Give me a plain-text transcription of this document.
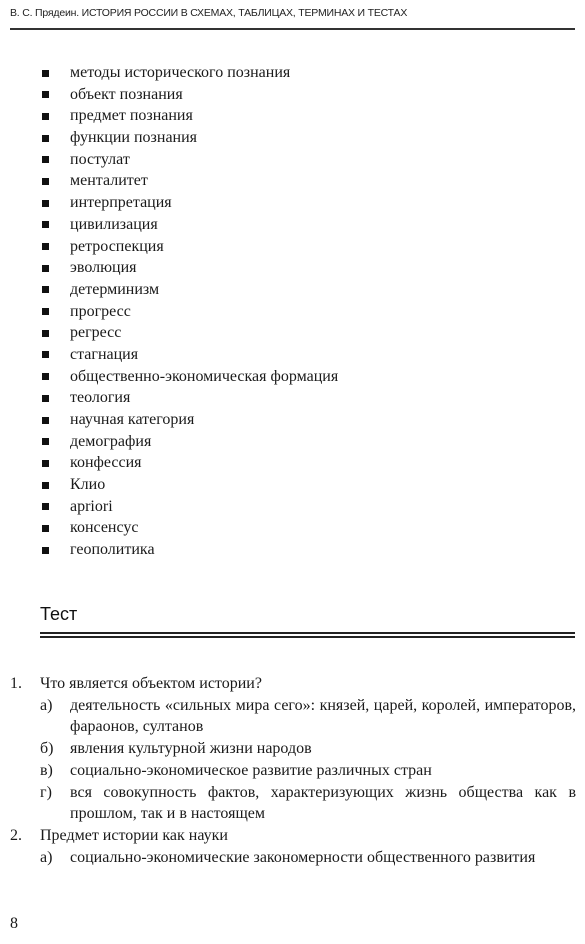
В. С. Прядеин. ИСТОРИЯ РОССИИ В СХЕМАХ, ТАБЛИЦАХ, ТЕРМИНАХ И ТЕСТАХ
методы исторического познания
объект познания
предмет познания
функции познания
постулат
менталитет
интерпретация
цивилизация
ретроспекция
эволюция
детерминизм
прогресс
регресс
стагнация
общественно-экономическая формация
теология
научная категория
демография
конфессия
Клио
apriori
консенсус
геополитика
Тест
1. Что является объектом истории?
а) деятельность «сильных мира сего»: князей, царей, королей, императоров, фараонов, султанов
б) явления культурной жизни народов
в) социально-экономическое развитие различных стран
г) вся совокупность фактов, характеризующих жизнь общества как в прошлом, так и в настоящем
2. Предмет истории как науки
а) социально-экономические закономерности общественного развития
8
